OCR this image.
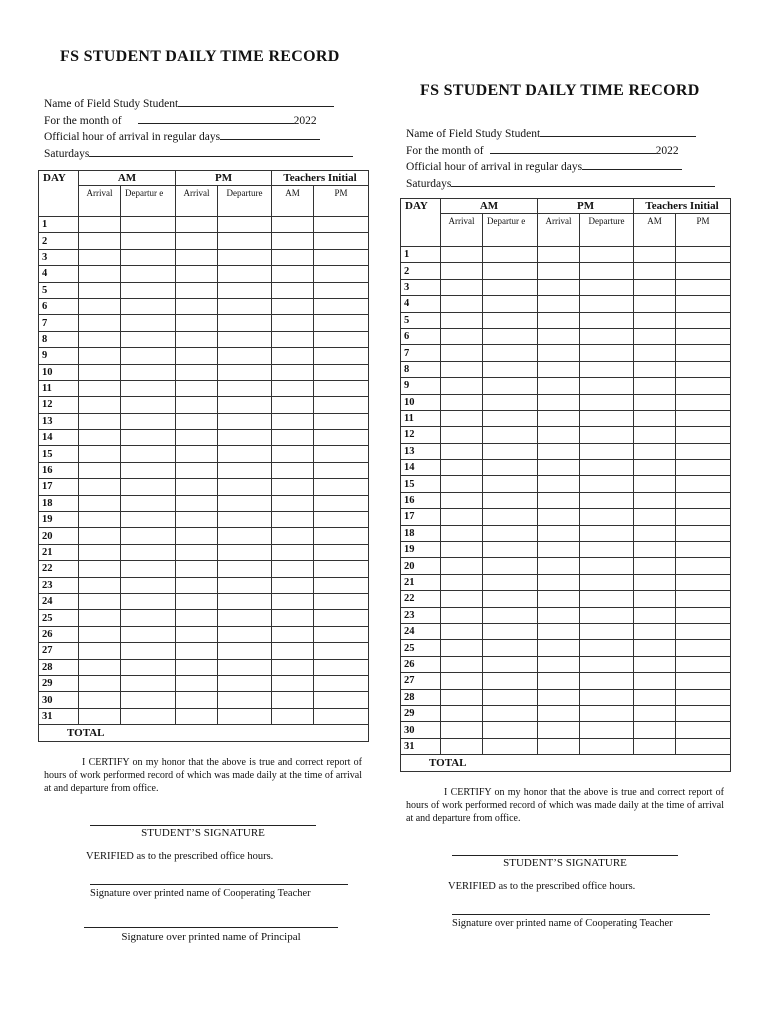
FS STUDENT DAILY TIME RECORD
Name of Field Study Student
For the month of	2022
Official hour of arrival in regular days
Saturdays
DAY	AM		PM		Teachers Initial	
	Arrival	Departur e	Arrival	Departure	AM	PM
1						
2						
3						
4						
5						
6						
7						
8						
9						
10						
11						
12						
13						
14						
15						
16						
17						
18						
19						
20						
21						
22						
23						
24						
25						
26						
27						
28						
29						
30						
31						
TOTAL						
I CERTIFY on my honor that the above is true and correct report of hours of work performed record of which was made daily at the time of arrival at and departure from office.
STUDENT’S SIGNATURE
VERIFIED as to the prescribed office hours.
Signature over printed name of Cooperating Teacher
Signature over printed name of Principal
FS STUDENT DAILY TIME RECORD
Name of Field Study Student
For the month of	2022
Official hour of arrival in regular days
Saturdays
DAY	AM		PM		Teachers Initial	
	Arrival	Departur e	Arrival	Departure	AM	PM
1						
2						
3						
4						
5						
6						
7						
8						
9						
10						
11						
12						
13						
14						
15						
16						
17						
18						
19						
20						
21						
22						
23						
24						
25						
26						
27						
28						
29						
30						
31						
TOTAL						
I CERTIFY on my honor that the above is true and correct report of hours of work performed record of which was made daily at the time of arrival at and departure from office.
STUDENT’S SIGNATURE
VERIFIED as to the prescribed office hours.
Signature over printed name of Cooperating Teacher
